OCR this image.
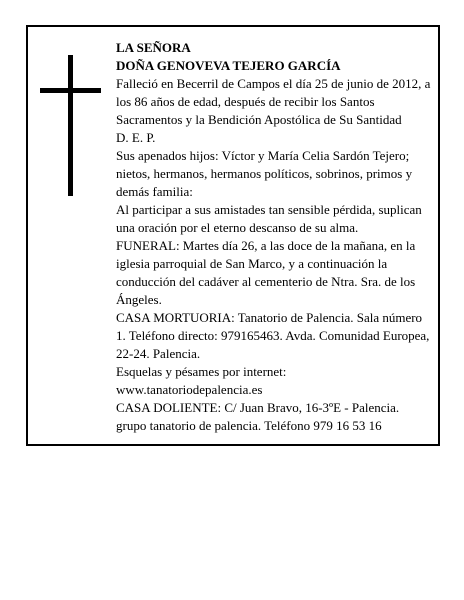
LA SEÑORA

DOÑA GENOVEVA TEJERO GARCÍA

Falleció en Becerril de Campos el día 25 de junio de 2012, a los 86 años de edad, después de recibir los Santos Sacramentos y la Bendición Apostólica de Su Santidad

D. E. P.

Sus apenados hijos: Víctor y María Celia Sardón Tejero; nietos, hermanos, hermanos políticos, sobrinos, primos y demás familia:

Al participar a sus amistades tan sensible pérdida, suplican una oración por el eterno descanso de su alma.

FUNERAL: Martes día 26, a las doce de la mañana, en la iglesia parroquial de San Marco, y a continuación la conducción del cadáver al cementerio de Ntra. Sra. de los Ángeles.

CASA MORTUORIA: Tanatorio de Palencia. Sala número 1. Teléfono directo: 979165463. Avda. Comunidad Europea, 22-24. Palencia.

Esquelas y pésames por internet:

www.tanatoriodepalencia.es

CASA DOLIENTE: C/ Juan Bravo, 16-3ºE - Palencia.

grupo tanatorio de palencia. Teléfono 979 16 53 16
